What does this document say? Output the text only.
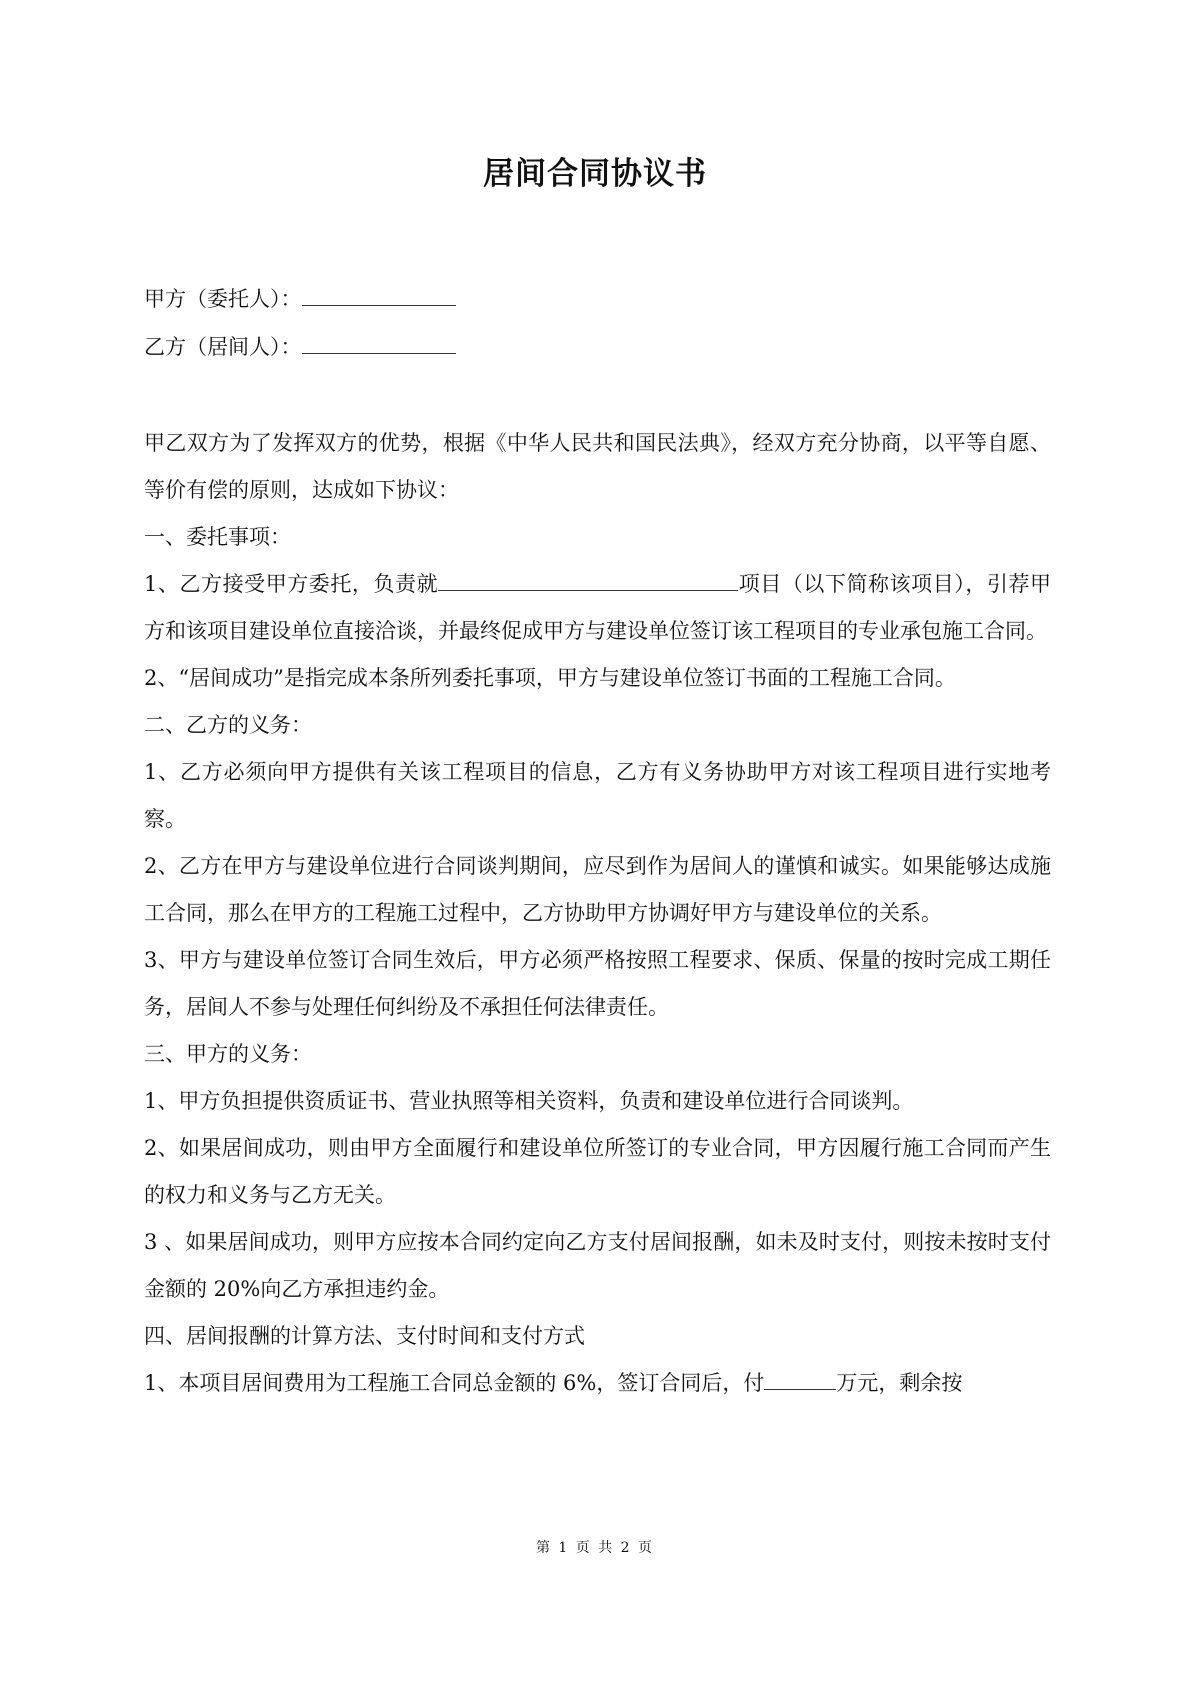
居间合同协议书
甲方（委托人）：
乙方（居间人）：

甲乙双方为了发挥双方的优势，根据《中华人民共和国民法典》，经双方充分协商，以平等自愿、等价有偿的原则，达成如下协议：

一、委托事项：

1、乙方接受甲方委托，负责就	项目（以下简称该项目），引荐甲方和该项目建设单位直接洽谈，并最终促成甲方与建设单位签订该工程项目的专业承包施工合同。

2、“居间成功”是指完成本条所列委托事项，甲方与建设单位签订书面的工程施工合同。

二、乙方的义务：

1、乙方必须向甲方提供有关该工程项目的信息，乙方有义务协助甲方对该工程项目进行实地考察。

2、乙方在甲方与建设单位进行合同谈判期间，应尽到作为居间人的谨慎和诚实。如果能够达成施工合同，那么在甲方的工程施工过程中，乙方协助甲方协调好甲方与建设单位的关系。

3、甲方与建设单位签订合同生效后，甲方必须严格按照工程要求、保质、保量的按时完成工期任务，居间人不参与处理任何纠纷及不承担任何法律责任。

三、甲方的义务：

1、甲方负担提供资质证书、营业执照等相关资料，负责和建设单位进行合同谈判。

2、如果居间成功，则由甲方全面履行和建设单位所签订的专业合同，甲方因履行施工合同而产生的权力和义务与乙方无关。

3 、如果居间成功，则甲方应按本合同约定向乙方支付居间报酬，如未及时支付，则按未按时支付金额的 20%向乙方承担违约金。

四、居间报酬的计算方法、支付时间和支付方式

1、本项目居间费用为工程施工合同总金额的 6%，签订合同后，付	万元，剩余按

第 1 页 共 2 页
